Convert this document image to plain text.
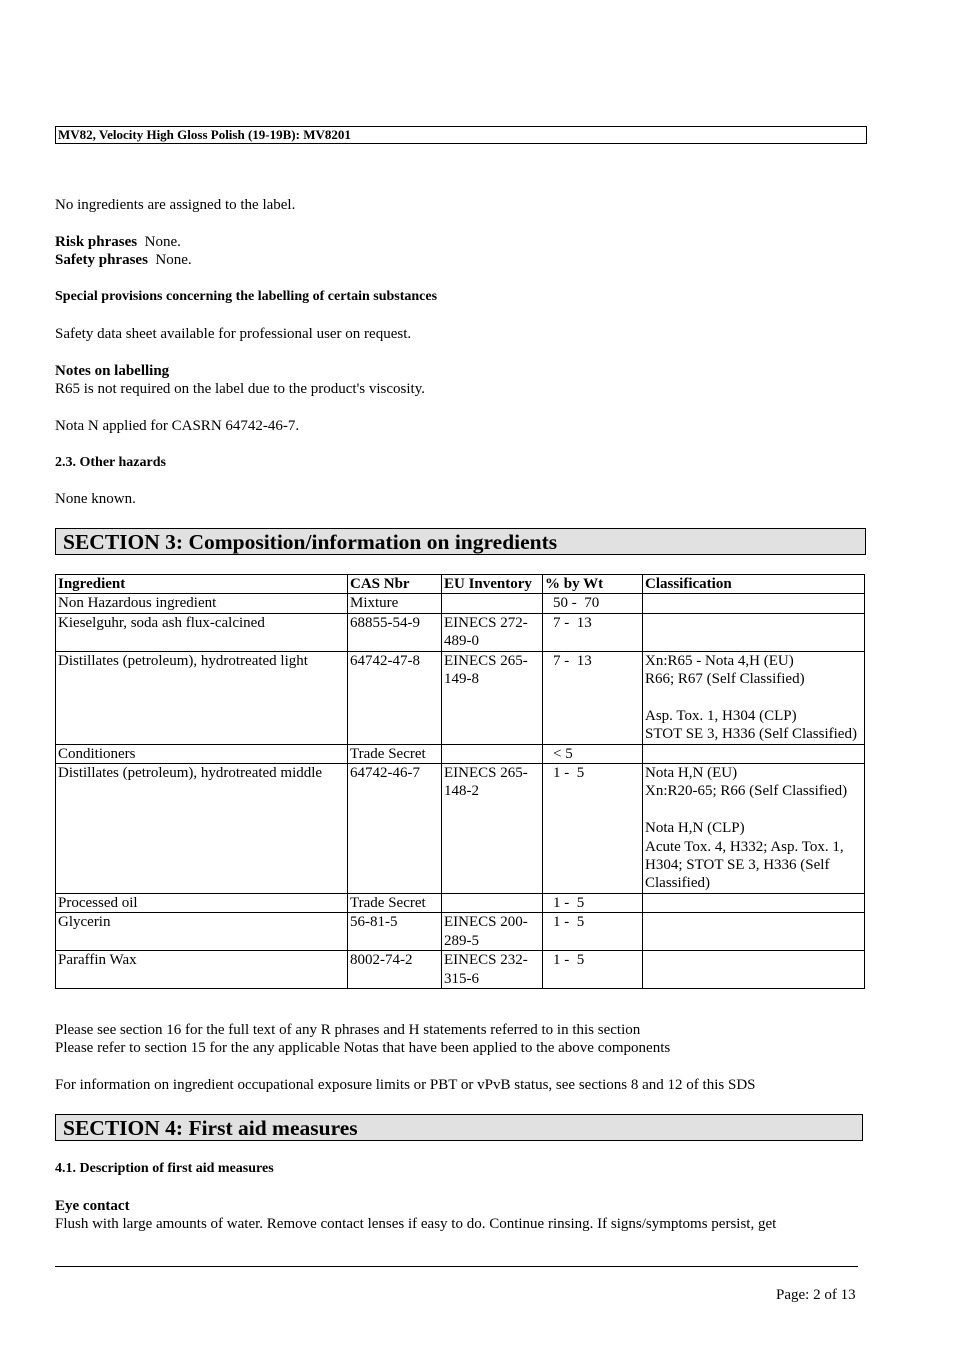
MV82, Velocity High Gloss Polish (19-19B): MV8201
No ingredients are assigned to the label.
Risk phrases None.
Safety phrases None.
Special provisions concerning the labelling of certain substances
Safety data sheet available for professional user on request.
Notes on labelling
R65 is not required on the label due to the product's viscosity.
Nota N applied for CASRN 64742-46-7.
2.3. Other hazards
None known.
SECTION 3: Composition/information on ingredients
Ingredient	CAS Nbr	EU Inventory	% by Wt	Classification
Non Hazardous ingredient	Mixture		50 -  70	
Kieselguhr, soda ash flux-calcined	68855-54-9	EINECS 272-489-0	7 -  13	
Distillates (petroleum), hydrotreated light	64742-47-8	EINECS 265-149-8	7 -  13	Xn:R65 - Nota 4,H (EU)
R66; R67 (Self Classified)
Asp. Tox. 1, H304 (CLP)
STOT SE 3, H336 (Self Classified)

Conditioners	Trade Secret		< 5	
Distillates (petroleum), hydrotreated middle	64742-46-7	EINECS 265-148-2	1 -  5	Nota H,N (EU)
Xn:R20-65; R66 (Self Classified)
Nota H,N (CLP)
Acute Tox. 4, H332; Asp. Tox. 1, H304; STOT SE 3, H336 (Self Classified)

Processed oil	Trade Secret		1 -  5	
Glycerin	56-81-5	EINECS 200-289-5	1 -  5	
Paraffin Wax	8002-74-2	EINECS 232-315-6	1 -  5	
Please see section 16 for the full text of any R phrases and H statements referred to in this section
Please refer to section 15 for the any applicable Notas that have been applied to the above components
For information on ingredient occupational exposure limits or PBT or vPvB status, see sections 8 and 12 of this SDS
SECTION 4: First aid measures
4.1. Description of first aid measures
Eye contact
Flush with large amounts of water. Remove contact lenses if easy to do. Continue rinsing. If signs/symptoms persist, get
Page: 2 of 13
